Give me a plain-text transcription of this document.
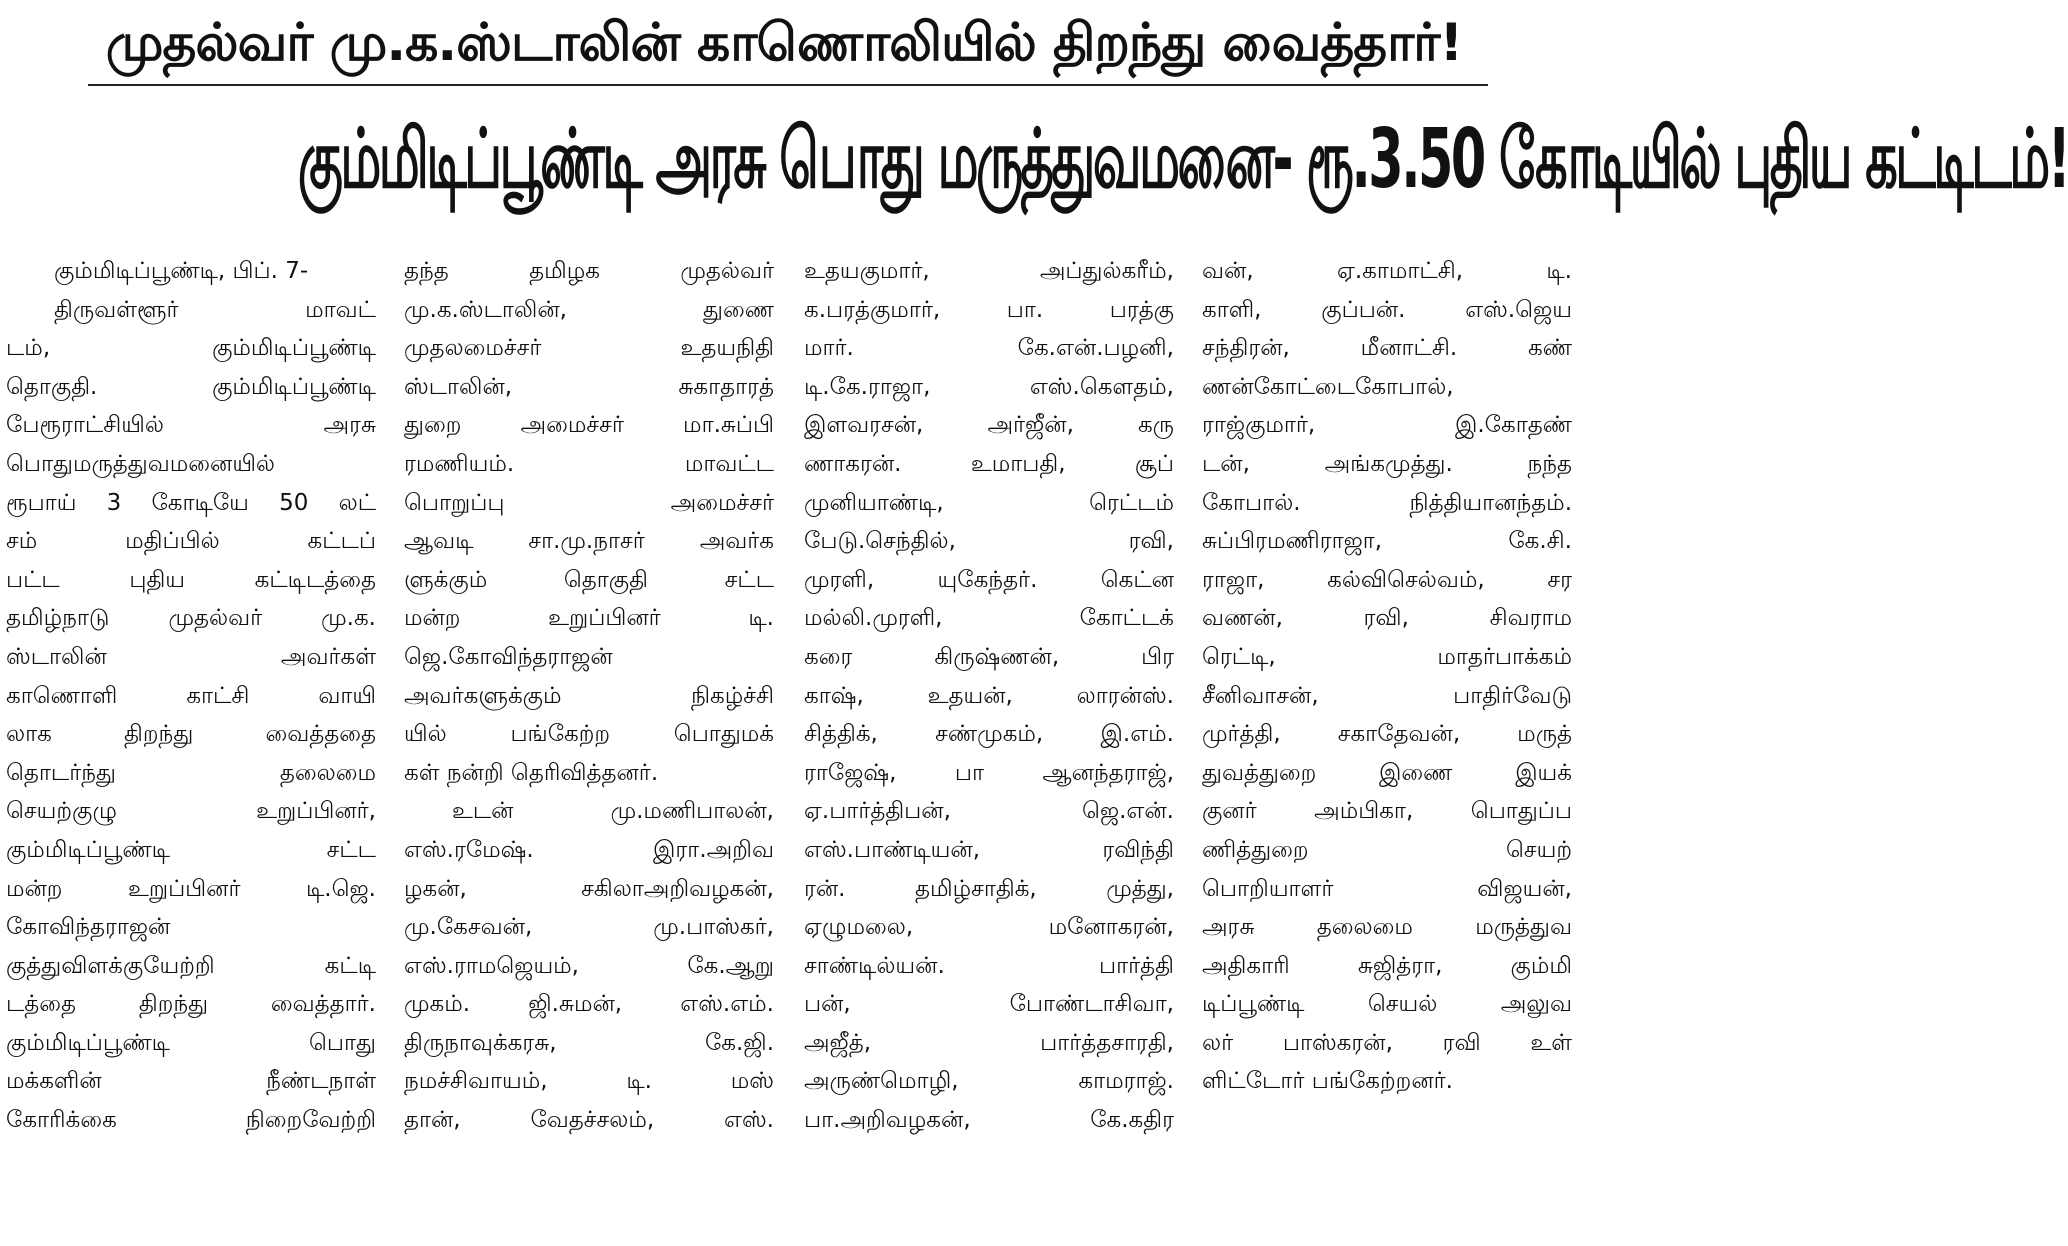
முதல்வர் மு.க.ஸ்டாலின் காணொலியில் திறந்து வைத்தார்!
கும்மிடிப்பூண்டி அரசு பொது மருத்துவமனை- ரூ.3.50 கோடியில் புதிய கட்டிடம்!
கும்மிடிப்பூண்டி, பிப். 7-
திருவள்ளூர் மாவட்
டம், கும்மிடிப்பூண்டி
தொகுதி. கும்மிடிப்பூண்டி
பேரூராட்சியில் அரசு
பொதுமருத்துவமனையில்
ரூபாய் 3 கோடியே 50 லட்
சம் மதிப்பில் கட்டப்
பட்ட புதிய கட்டிடத்தை
தமிழ்நாடு முதல்வர் மு.க.
ஸ்டாலின் அவர்கள்
காணொளி காட்சி வாயி
லாக திறந்து வைத்ததை
தொடர்ந்து தலைமை
செயற்குழு உறுப்பினர்,
கும்மிடிப்பூண்டி சட்ட
மன்ற உறுப்பினர் டி.ஜெ.
கோவிந்தராஜன்
குத்துவிளக்குயேற்றி கட்டி
டத்தை திறந்து வைத்தார்.
கும்மிடிப்பூண்டி பொது
மக்களின் நீண்டநாள்
கோரிக்கை நிறைவேற்றி
தந்த தமிழக முதல்வர்
மு.க.ஸ்டாலின், துணை
முதலமைச்சர் உதயநிதி
ஸ்டாலின், சுகாதாரத்
துறை அமைச்சர் மா.சுப்பி
ரமணியம். மாவட்ட
பொறுப்பு அமைச்சர்
ஆவடி சா.மு.நாசர் அவர்க
ளுக்கும் தொகுதி சட்ட
மன்ற உறுப்பினர் டி.
ஜெ.கோவிந்தராஜன்
அவர்களுக்கும் நிகழ்ச்சி
யில் பங்கேற்ற பொதுமக்
கள் நன்றி தெரிவித்தனர்.
உடன் மு.மணிபாலன்,
எஸ்.ரமேஷ். இரா.அறிவ
ழகன், சகிலாஅறிவழகன்,
மு.கேசவன், மு.பாஸ்கர்,
எஸ்.ராமஜெயம், கே.ஆறு
முகம். ஜி.சுமன், எஸ்.எம்.
திருநாவுக்கரசு, கே.ஜி.
நமச்சிவாயம், டி. மஸ்
தான், வேதச்சலம், எஸ்.
உதயகுமார், அப்துல்கரீம்,
க.பரத்குமார், பா. பரத்கு
மார். கே.என்.பழனி,
டி.கே.ராஜா, எஸ்.கௌதம்,
இளவரசன், அர்ஜீன், கரு
ணாகரன். உமாபதி, சூப்
முனியாண்டி, ரெட்டம்
பேடு.செந்தில், ரவி,
முரளி, யுகேந்தர். கெட்ன
மல்லி.முரளி, கோட்டக்
கரை கிருஷ்ணன், பிர
காஷ், உதயன், லாரன்ஸ்.
சித்திக், சண்முகம், இ.எம்.
ராஜேஷ், பா ஆனந்தராஜ்,
ஏ.பார்த்திபன், ஜெ.என்.
எஸ்.பாண்டியன், ரவிந்தி
ரன். தமிழ்சாதிக், முத்து,
ஏழுமலை, மனோகரன்,
சாண்டில்யன். பார்த்தி
பன், போண்டாசிவா,
அஜீத், பார்த்தசாரதி,
அருண்மொழி, காமராஜ்.
பா.அறிவழகன், கே.கதிர
வன், ஏ.காமாட்சி, டி.
காளி, குப்பன். எஸ்.ஜெய
சந்திரன், மீனாட்சி. கண்
ணன்கோட்டைகோபால்,
ராஜ்குமார், இ.கோதண்
டன், அங்கமுத்து. நந்த
கோபால். நித்தியானந்தம்.
சுப்பிரமணிராஜா, கே.சி.
ராஜா, கல்விசெல்வம், சர
வணன், ரவி, சிவராம
ரெட்டி, மாதர்பாக்கம்
சீனிவாசன், பாதிர்வேடு
முர்த்தி, சகாதேவன், மருத்
துவத்துறை இணை இயக்
குனர் அம்பிகா, பொதுப்ப
ணித்துறை செயற்
பொறியாளர் விஜயன்,
அரசு தலைமை மருத்துவ
அதிகாரி சுஜித்ரா, கும்மி
டிப்பூண்டி செயல் அலுவ
லர் பாஸ்கரன், ரவி உள்
ளிட்டோர் பங்கேற்றனர்.
